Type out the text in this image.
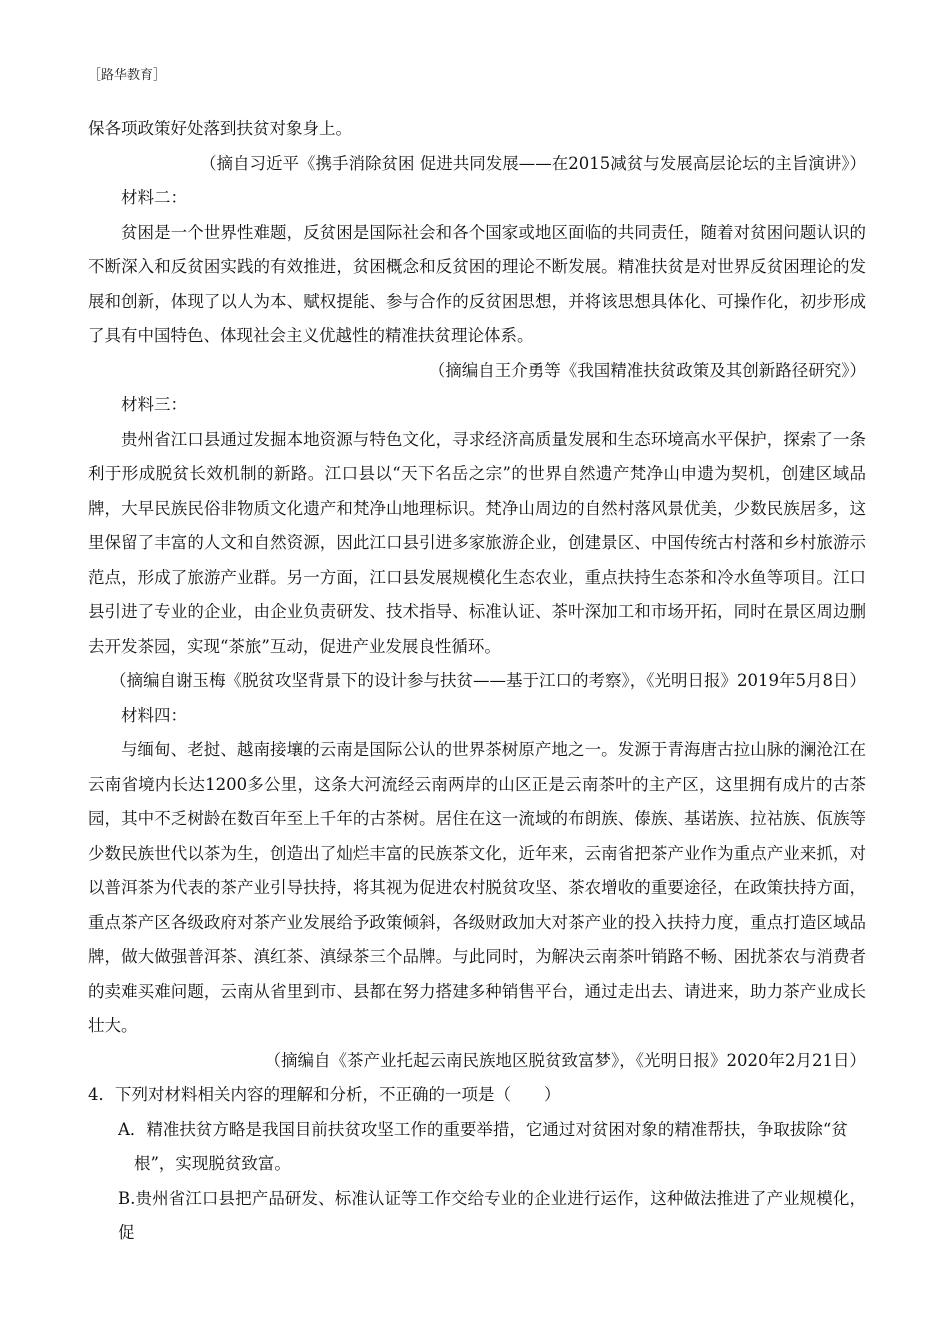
［路华教育］

保各项政策好处落到扶贫对象身上。

（摘自习近平《携手消除贫困 促进共同发展——在2015减贫与发展高层论坛的主旨演讲》）

材料二：

贫困是一个世界性难题，反贫困是国际社会和各个国家或地区面临的共同责任，随着对贫困问题认识的不断深入和反贫困实践的有效推进，贫困概念和反贫困的理论不断发展。精准扶贫是对世界反贫困理论的发展和创新，体现了以人为本、赋权提能、参与合作的反贫困思想，并将该思想具体化、可操作化，初步形成了具有中国特色、体现社会主义优越性的精准扶贫理论体系。

（摘编自王介勇等《我国精准扶贫政策及其创新路径研究》）

材料三：

贵州省江口县通过发掘本地资源与特色文化，寻求经济高质量发展和生态环境高水平保护，探索了一条利于形成脱贫长效机制的新路。江口县以“天下名岳之宗”的世界自然遗产梵净山申遗为契机，创建区域品牌，大早民族民俗非物质文化遗产和梵净山地理标识。梵净山周边的自然村落风景优美，少数民族居多，这里保留了丰富的人文和自然资源，因此江口县引进多家旅游企业，创建景区、中国传统古村落和乡村旅游示范点，形成了旅游产业群。另一方面，江口县发展规模化生态农业，重点扶持生态茶和冷水鱼等项目。江口县引进了专业的企业，由企业负责研发、技术指导、标准认证、茶叶深加工和市场开拓，同时在景区周边删去开发茶园，实现“茶旅”互动，促进产业发展良性循环。

（摘编自谢玉梅《脱贫攻坚背景下的设计参与扶贫——基于江口的考察》，《光明日报》2019年5月8日）

材料四：

与缅甸、老挝、越南接壤的云南是国际公认的世界茶树原产地之一。发源于青海唐古拉山脉的澜沧江在云南省境内长达1200多公里，这条大河流经云南两岸的山区正是云南茶叶的主产区，这里拥有成片的古茶园，其中不乏树龄在数百年至上千年的古茶树。居住在这一流域的布朗族、傣族、基诺族、拉祜族、佤族等少数民族世代以茶为生，创造出了灿烂丰富的民族茶文化，近年来，云南省把茶产业作为重点产业来抓，对以普洱茶为代表的茶产业引导扶持，将其视为促进农村脱贫攻坚、茶农增收的重要途径，在政策扶持方面，重点茶产区各级政府对茶产业发展给予政策倾斜，各级财政加大对茶产业的投入扶持力度，重点打造区域品牌，做大做强普洱茶、滇红茶、滇绿茶三个品牌。与此同时，为解决云南茶叶销路不畅、困扰茶农与消费者的卖难买难问题，云南从省里到市、县都在努力搭建多种销售平台，通过走出去、请进来，助力茶产业成长壮大。

（摘编自《茶产业托起云南民族地区脱贫致富梦》，《光明日报》2020年2月21日）

4．下列对材料相关内容的理解和分析，不正确的一项是（　　）

A．精准扶贫方略是我国目前扶贫攻坚工作的重要举措，它通过对贫困对象的精准帮扶，争取拔除“贫
根”，实现脱贫致富。

B.贵州省江口县把产品研发、标准认证等工作交给专业的企业进行运作，这种做法推进了产业规模化，促
